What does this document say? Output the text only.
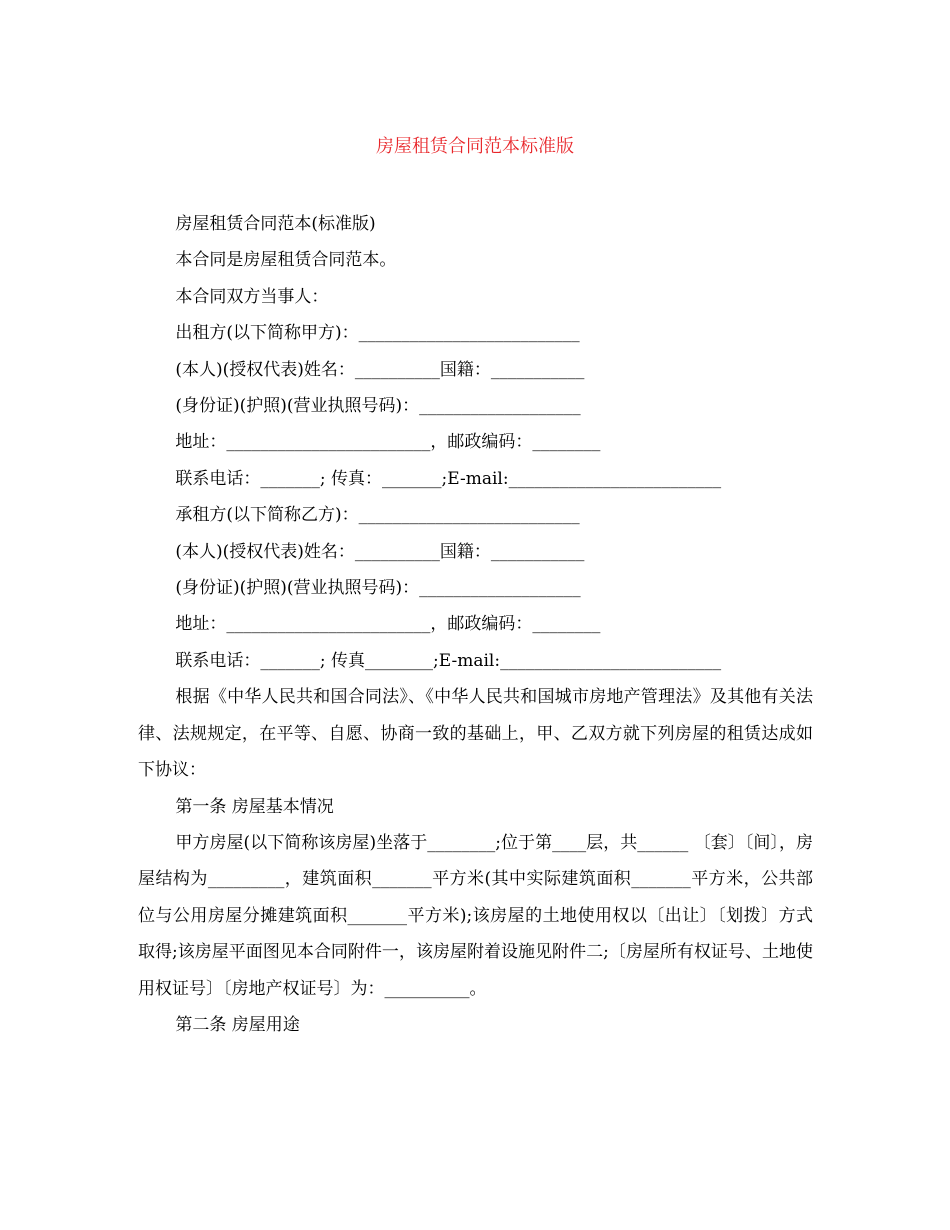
房屋租赁合同范本标准版

房屋租赁合同范本(标准版)

本合同是房屋租赁合同范本。

本合同双方当事人：

出租方(以下简称甲方)：__________________________

(本人)(授权代表)姓名：__________国籍：___________

(身份证)(护照)(营业执照号码)：___________________

地址：________________________，邮政编码：________

联系电话：_______; 传真：_______;E-mail:_________________________

承租方(以下简称乙方)：__________________________

(本人)(授权代表)姓名：__________国籍：___________

(身份证)(护照)(营业执照号码)：___________________

地址：________________________，邮政编码：________

联系电话：_______; 传真________;E-mail:__________________________

根据《中华人民共和国合同法》、《中华人民共和国城市房地产管理法》及其他有关法律、法规规定，在平等、自愿、协商一致的基础上，甲、乙双方就下列房屋的租赁达成如下协议：

第一条 房屋基本情况

甲方房屋(以下简称该房屋)坐落于________;位于第____层，共______ 〔套〕〔间〕，房屋结构为_________，建筑面积_______平方米(其中实际建筑面积_______平方米，公共部位与公用房屋分摊建筑面积_______平方米);该房屋的土地使用权以〔出让〕〔划拨〕方式取得;该房屋平面图见本合同附件一，该房屋附着设施见附件二;〔房屋所有权证号、土地使用权证号〕〔房地产权证号〕为：__________。

第二条 房屋用途
